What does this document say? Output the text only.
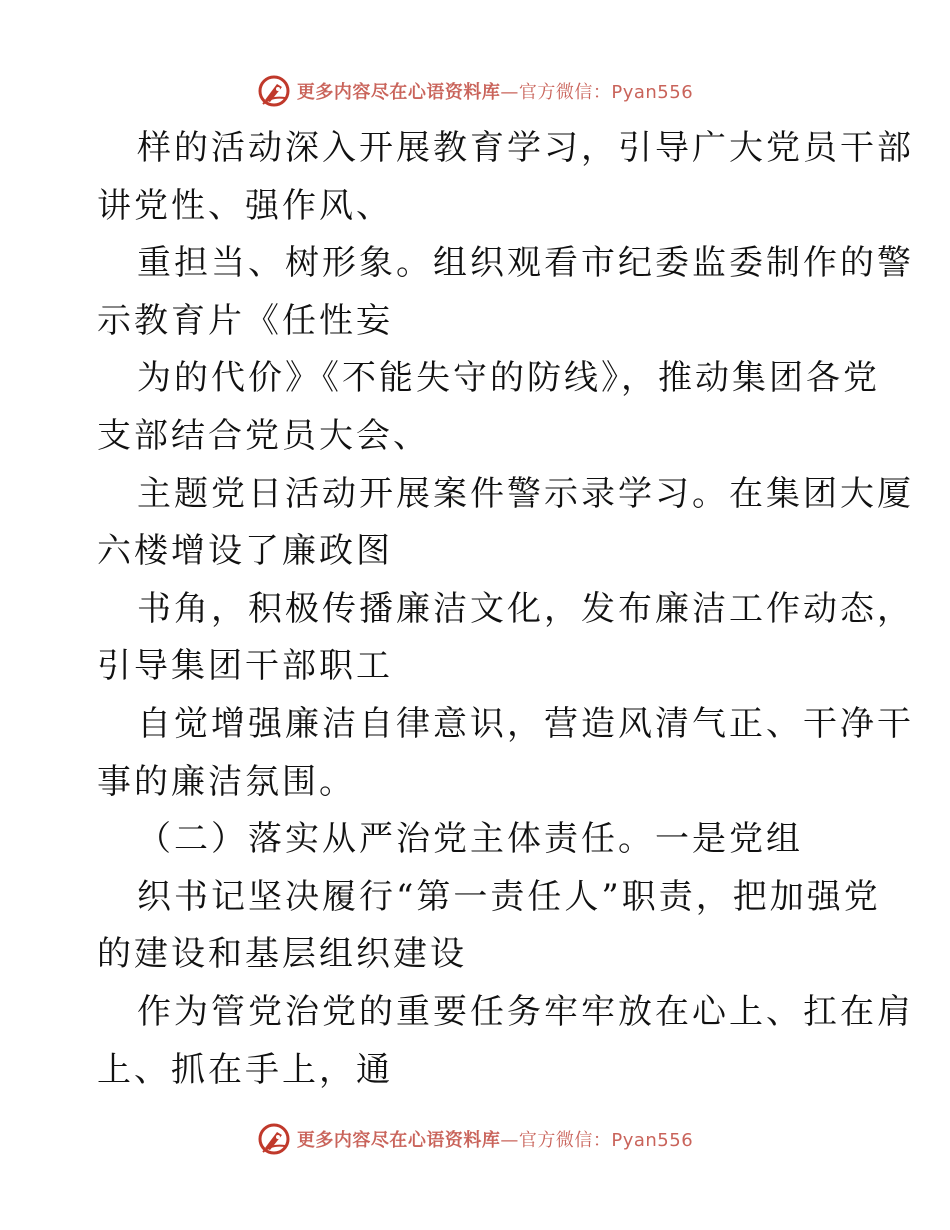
更多内容尽在心语资料库—官方微信：Pyan556
样的活动深入开展教育学习，引导广大党员干部
讲党性、强作风、
重担当、树形象。组织观看市纪委监委制作的警
示教育片《任性妄
为的代价》《不能失守的防线》，推动集团各党
支部结合党员大会、
主题党日活动开展案件警示录学习。在集团大厦
六楼增设了廉政图
书角，积极传播廉洁文化，发布廉洁工作动态，
引导集团干部职工
自觉增强廉洁自律意识，营造风清气正、干净干
事的廉洁氛围。
（二）落实从严治党主体责任。一是党组
织书记坚决履行“第一责任人”职责，把加强党
的建设和基层组织建设
作为管党治党的重要任务牢牢放在心上、扛在肩
上、抓在手上，通
更多内容尽在心语资料库—官方微信：Pyan556
